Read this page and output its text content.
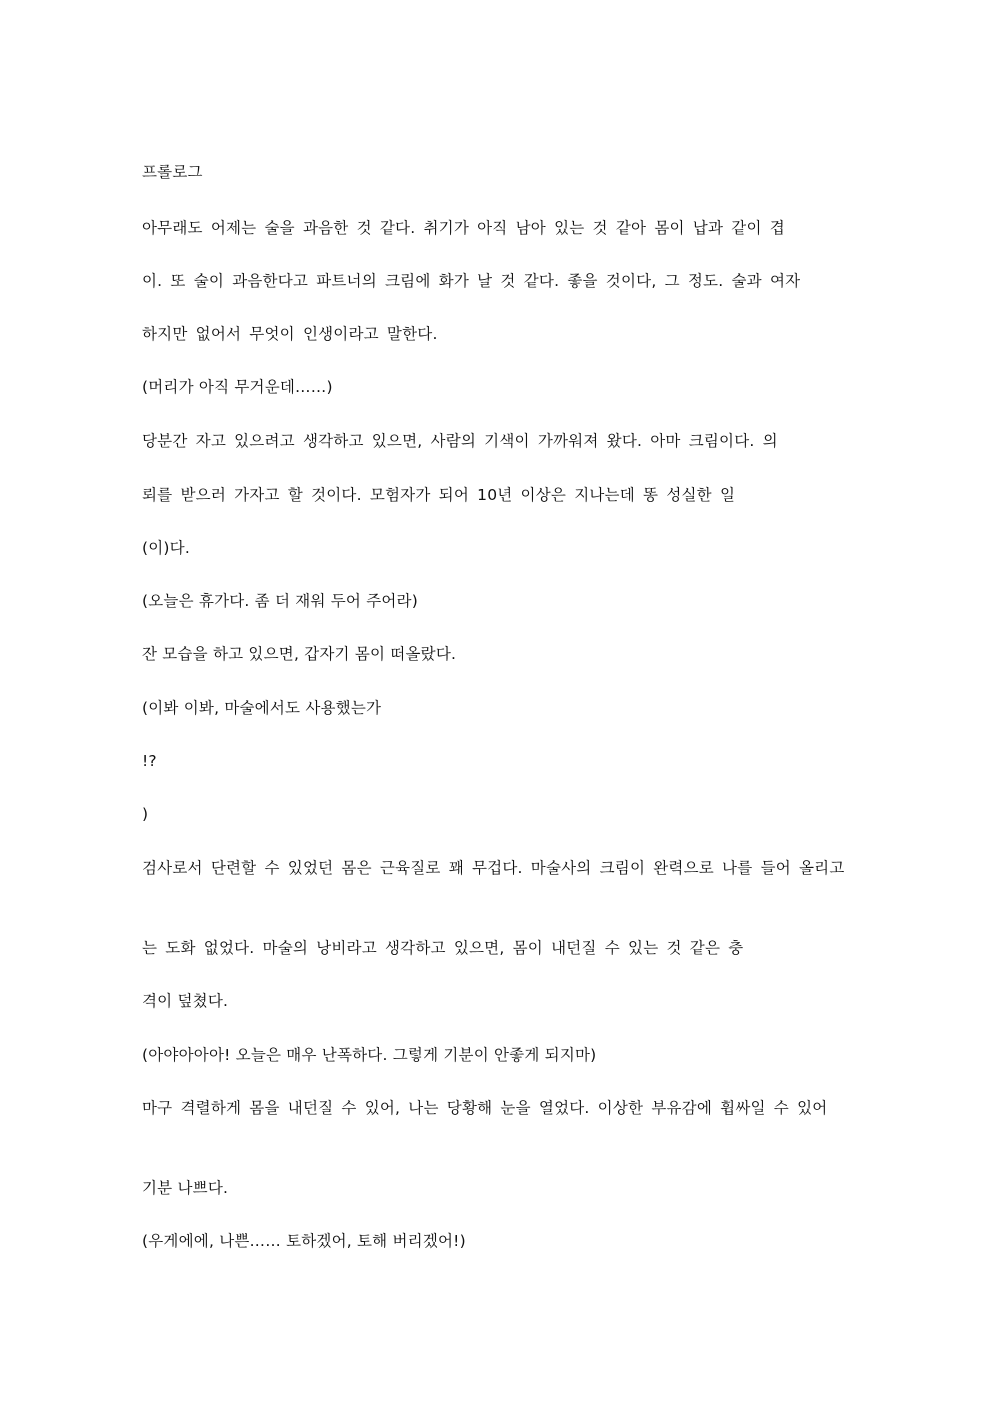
프롤로그
아무래도 어제는 술을 과음한 것 같다. 취기가 아직 남아 있는 것 같아 몸이 납과 같이 겹
이. 또 술이 과음한다고 파트너의 크림에 화가 날 것 같다. 좋을 것이다, 그 정도. 술과 여자
하지만 없어서 무엇이 인생이라고 말한다.
(머리가 아직 무거운데……)
당분간 자고 있으려고 생각하고 있으면, 사람의 기색이 가까워져 왔다. 아마 크림이다. 의
뢰를 받으러 가자고 할 것이다. 모험자가 되어 10년 이상은 지나는데 똥 성실한 일
(이)다.
(오늘은 휴가다. 좀 더 재워 두어 주어라)
잔 모습을 하고 있으면, 갑자기 몸이 떠올랐다.
(이봐 이봐, 마술에서도 사용했는가
!?
)
검사로서 단련할 수 있었던 몸은 근육질로 꽤 무겁다. 마술사의 크림이 완력으로 나를 들어 올리고
는 도화 없었다. 마술의 낭비라고 생각하고 있으면, 몸이 내던질 수 있는 것 같은 충
격이 덮쳤다.
(아야아아아! 오늘은 매우 난폭하다. 그렇게 기분이 안좋게 되지마)
마구 격렬하게 몸을 내던질 수 있어, 나는 당황해 눈을 열었다. 이상한 부유감에 휩싸일 수 있어
기분 나쁘다.
(우게에에, 나쁜…… 토하겠어, 토해 버리겠어!)
